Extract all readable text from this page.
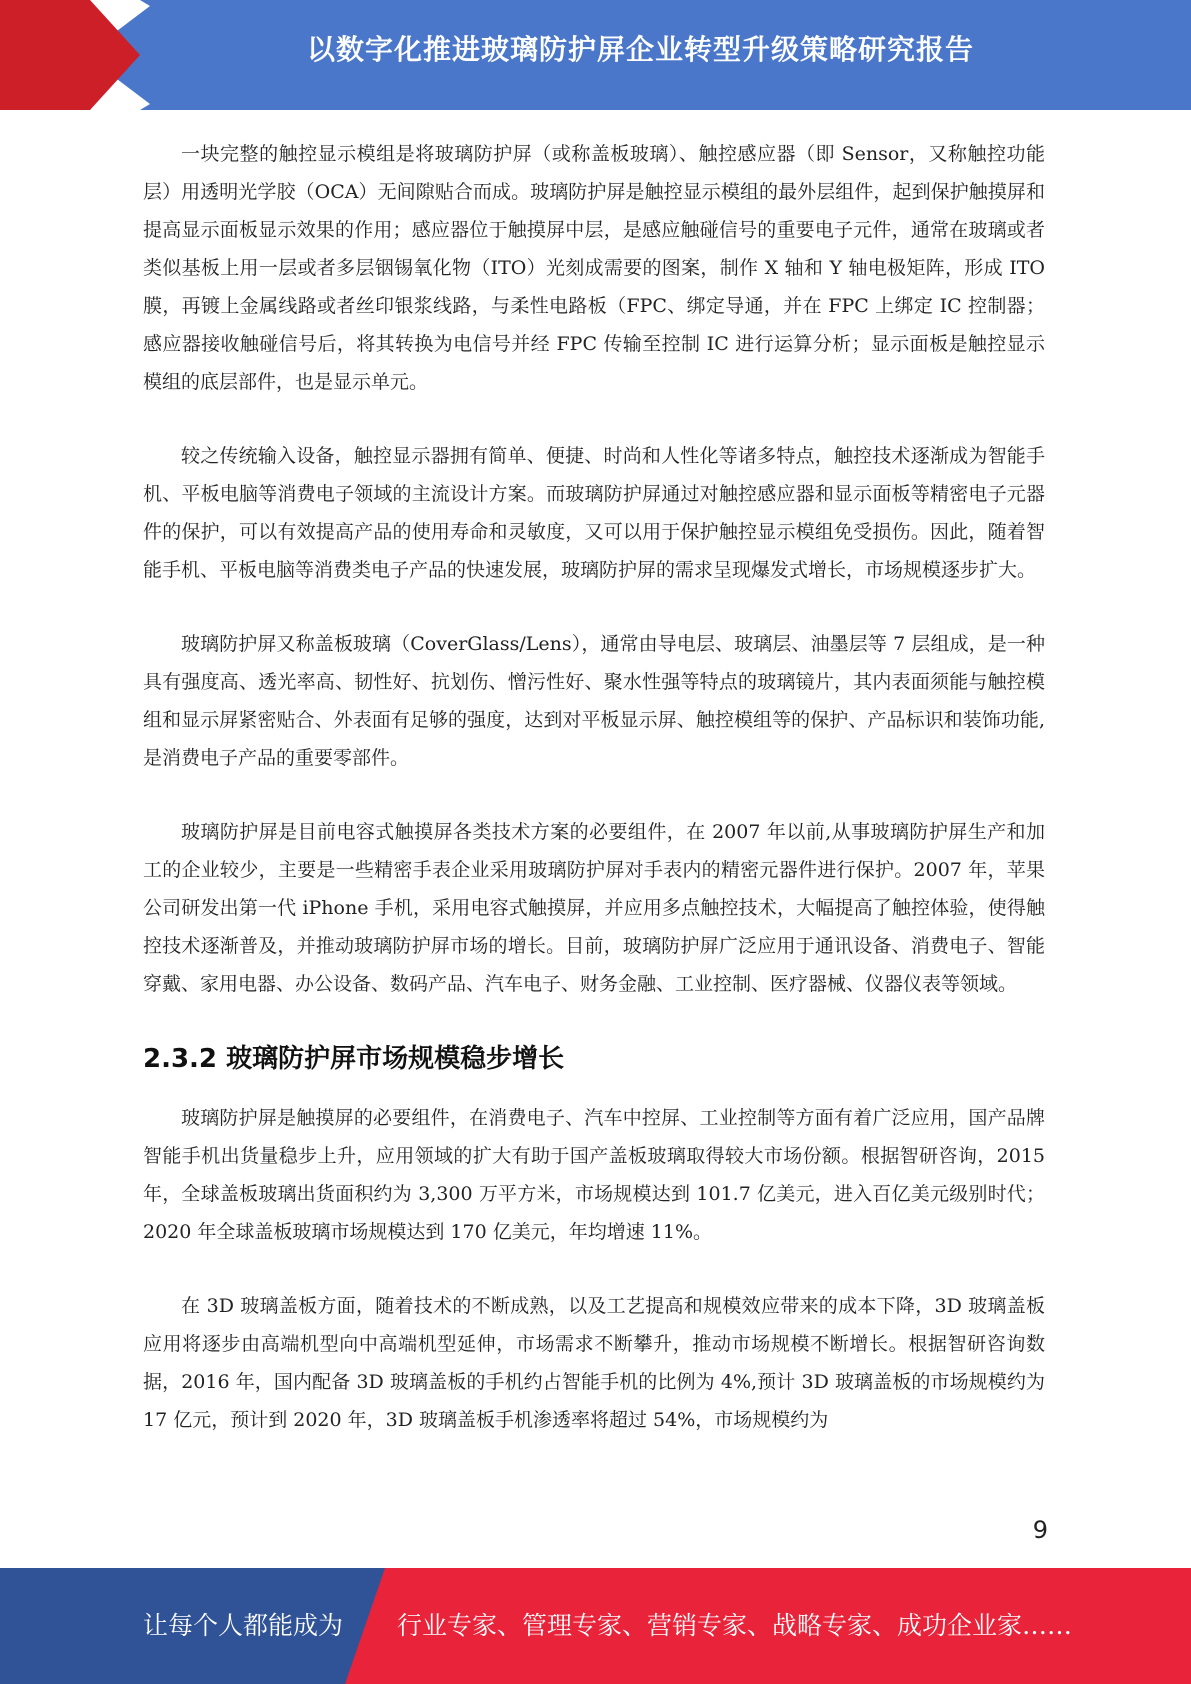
以数字化推进玻璃防护屏企业转型升级策略研究报告

一块完整的触控显示模组是将玻璃防护屏（或称盖板玻璃）、触控感应器（即 Sensor，又称触控功能层）用透明光学胶（OCA）无间隙贴合而成。玻璃防护屏是触控显示模组的最外层组件，起到保护触摸屏和提高显示面板显示效果的作用；感应器位于触摸屏中层，是感应触碰信号的重要电子元件，通常在玻璃或者类似基板上用一层或者多层铟锡氧化物（ITO）光刻成需要的图案，制作 X 轴和 Y 轴电极矩阵，形成 ITO 膜，再镀上金属线路或者丝印银浆线路，与柔性电路板（FPC、绑定导通，并在 FPC 上绑定 IC 控制器；感应器接收触碰信号后，将其转换为电信号并经 FPC 传输至控制 IC 进行运算分析；显示面板是触控显示模组的底层部件，也是显示单元。

较之传统输入设备，触控显示器拥有简单、便捷、时尚和人性化等诸多特点，触控技术逐渐成为智能手机、平板电脑等消费电子领域的主流设计方案。而玻璃防护屏通过对触控感应器和显示面板等精密电子元器件的保护，可以有效提高产品的使用寿命和灵敏度，又可以用于保护触控显示模组免受损伤。因此，随着智能手机、平板电脑等消费类电子产品的快速发展，玻璃防护屏的需求呈现爆发式增长，市场规模逐步扩大。

玻璃防护屏又称盖板玻璃（CoverGlass/Lens），通常由导电层、玻璃层、油墨层等 7 层组成，是一种具有强度高、透光率高、韧性好、抗划伤、憎污性好、聚水性强等特点的玻璃镜片，其内表面须能与触控模组和显示屏紧密贴合、外表面有足够的强度，达到对平板显示屏、触控模组等的保护、产品标识和装饰功能,是消费电子产品的重要零部件。

玻璃防护屏是目前电容式触摸屏各类技术方案的必要组件，在 2007 年以前,从事玻璃防护屏生产和加工的企业较少，主要是一些精密手表企业采用玻璃防护屏对手表内的精密元器件进行保护。2007 年，苹果公司研发出第一代 iPhone 手机，采用电容式触摸屏，并应用多点触控技术，大幅提高了触控体验，使得触控技术逐渐普及，并推动玻璃防护屏市场的增长。目前，玻璃防护屏广泛应用于通讯设备、消费电子、智能穿戴、家用电器、办公设备、数码产品、汽车电子、财务金融、工业控制、医疗器械、仪器仪表等领域。

2.3.2 玻璃防护屏市场规模稳步增长

玻璃防护屏是触摸屏的必要组件，在消费电子、汽车中控屏、工业控制等方面有着广泛应用，国产品牌智能手机出货量稳步上升，应用领域的扩大有助于国产盖板玻璃取得较大市场份额。根据智研咨询，2015 年，全球盖板玻璃出货面积约为 3,300 万平方米，市场规模达到 101.7 亿美元，进入百亿美元级别时代；2020 年全球盖板玻璃市场规模达到 170 亿美元，年均增速 11%。

在 3D 玻璃盖板方面，随着技术的不断成熟，以及工艺提高和规模效应带来的成本下降，3D 玻璃盖板应用将逐步由高端机型向中高端机型延伸，市场需求不断攀升，推动市场规模不断增长。根据智研咨询数据，2016 年，国内配备 3D 玻璃盖板的手机约占智能手机的比例为 4%,预计 3D 玻璃盖板的市场规模约为 17 亿元，预计到 2020 年，3D 玻璃盖板手机渗透率将超过 54%，市场规模约为

9
让每个人都能成为 行业专家、管理专家、营销专家、战略专家、成功企业家……
